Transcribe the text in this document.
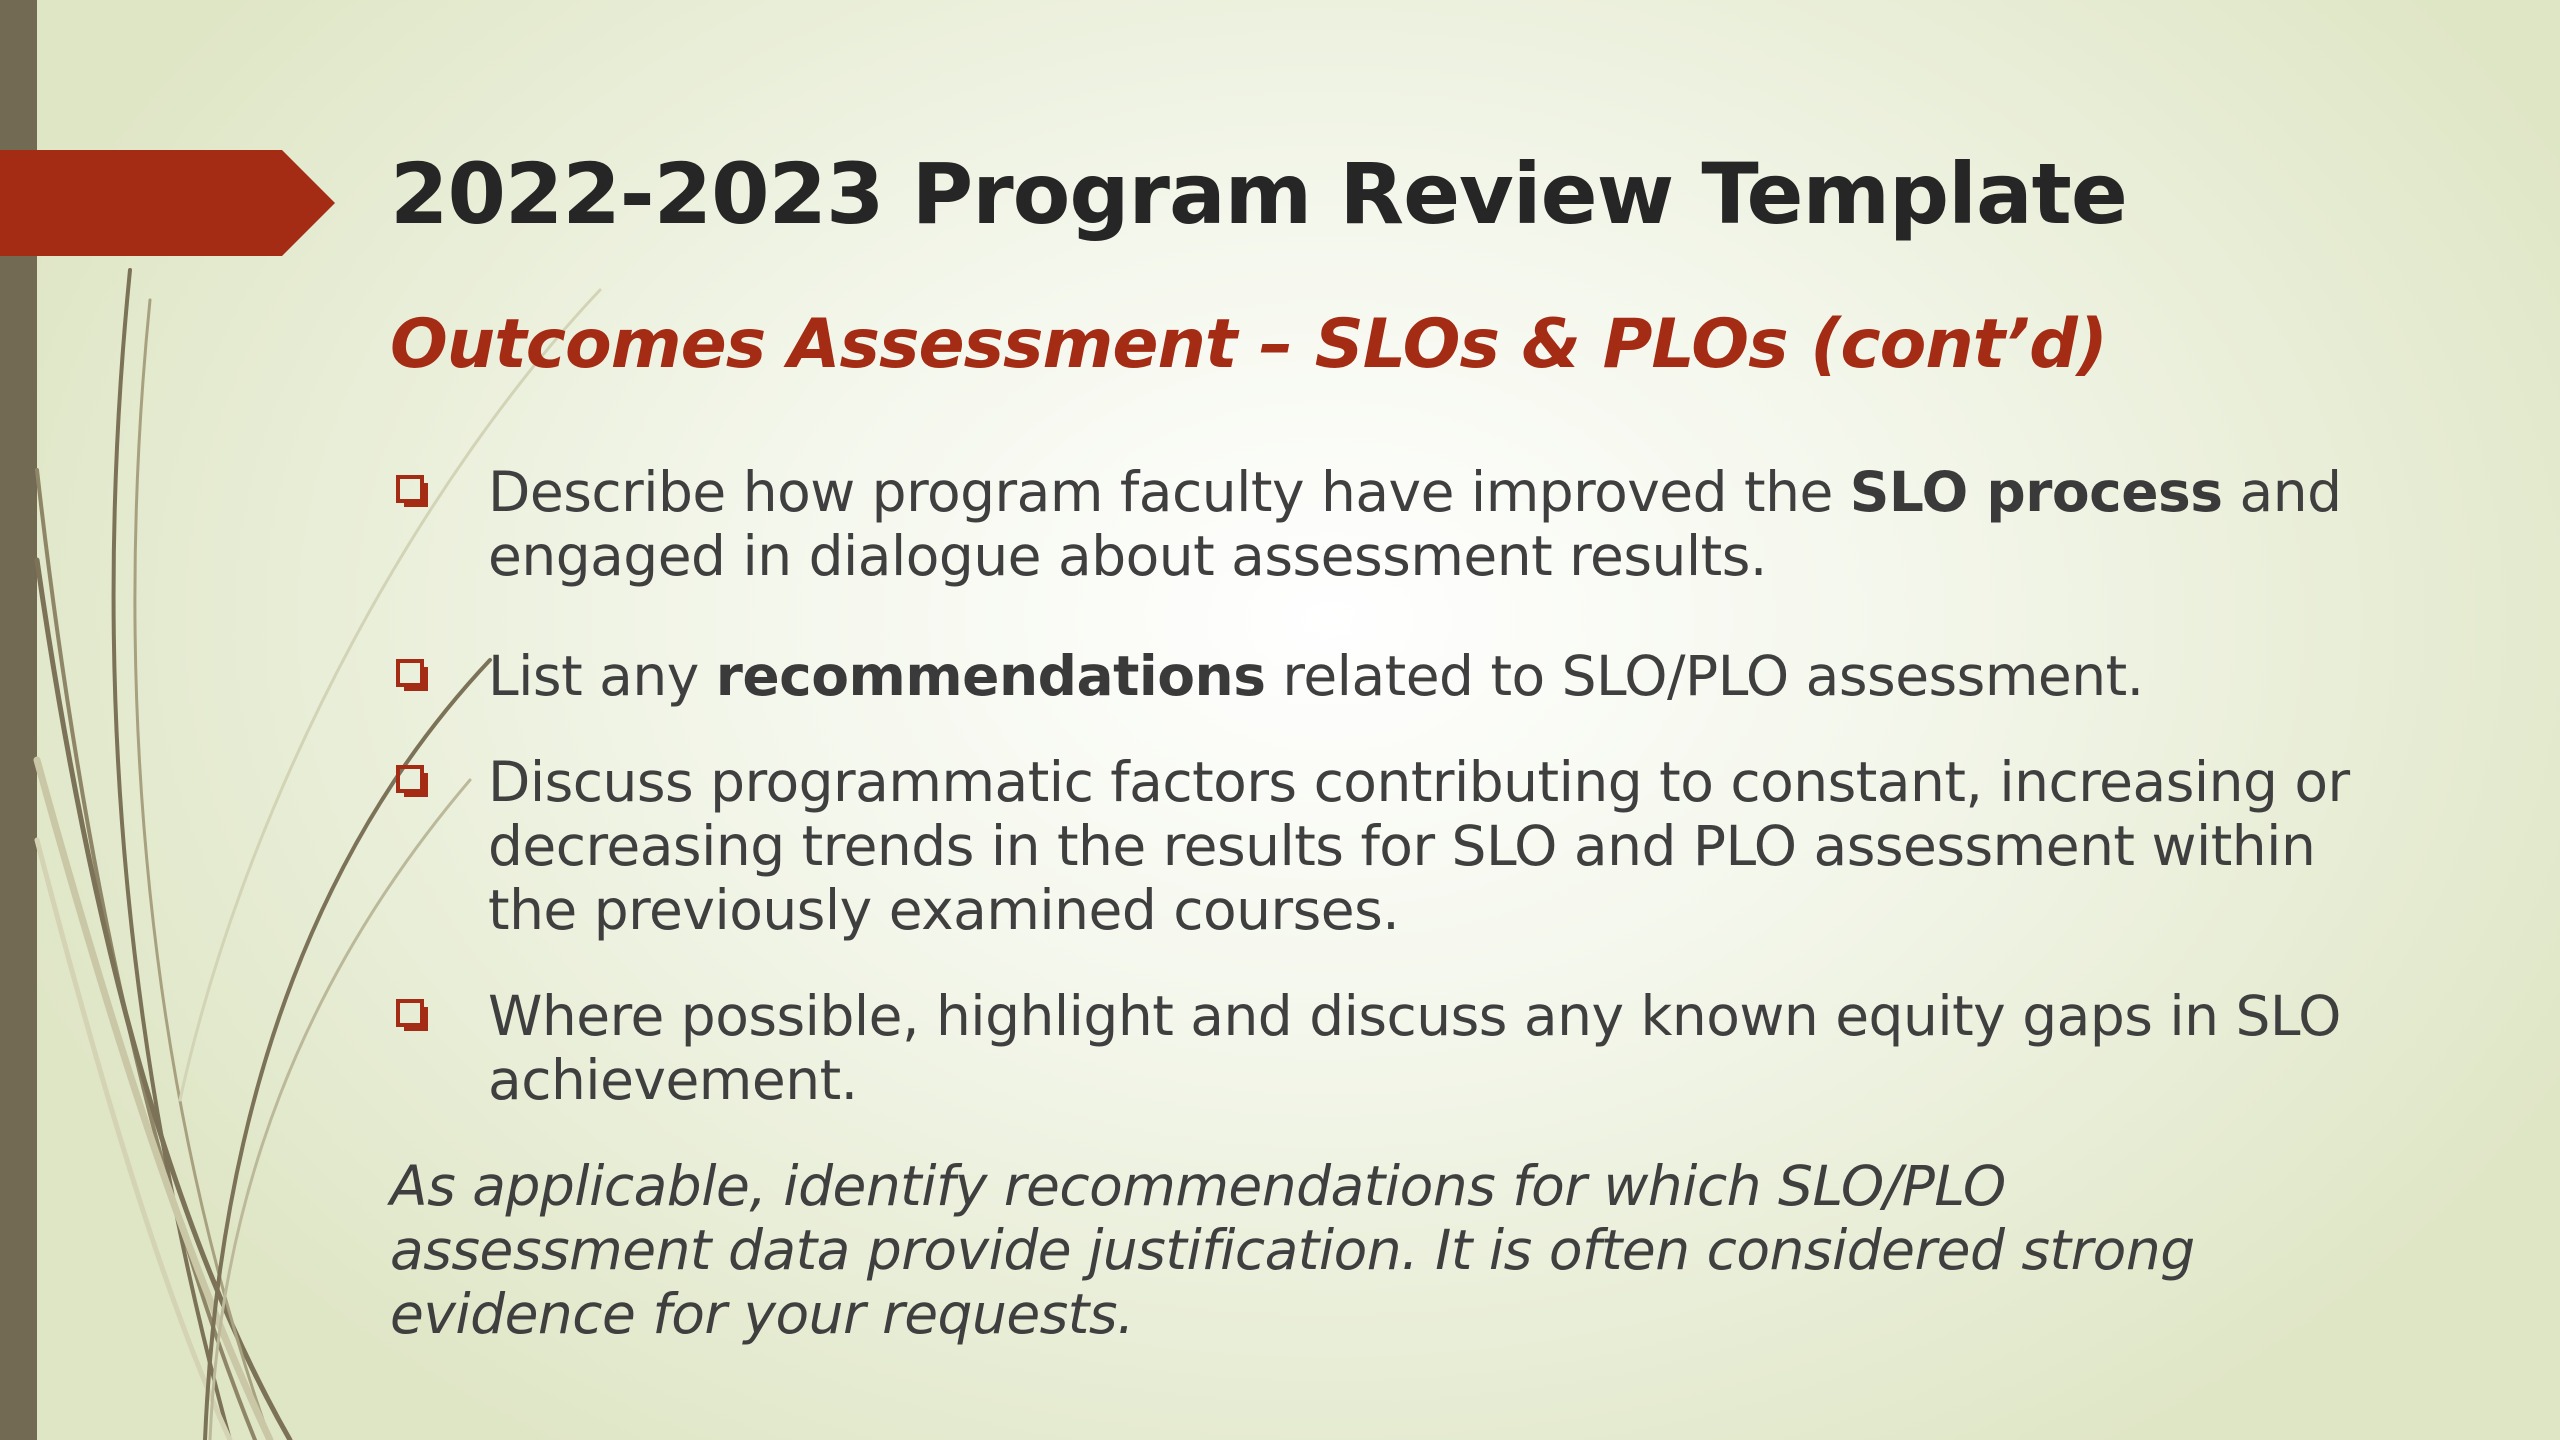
2022-2023 Program Review Template
Outcomes Assessment – SLOs & PLOs (cont’d)
Describe how program faculty have improved the SLO process and engaged in dialogue about assessment results.
List any recommendations related to SLO/PLO assessment.
Discuss programmatic factors contributing to constant, increasing or decreasing trends in the results for SLO and PLO assessment within the previously examined courses.
Where possible, highlight and discuss any known equity gaps in SLO achievement.

As applicable, identify recommendations for which SLO/PLO assessment data provide justification. It is often considered strong evidence for your requests.
